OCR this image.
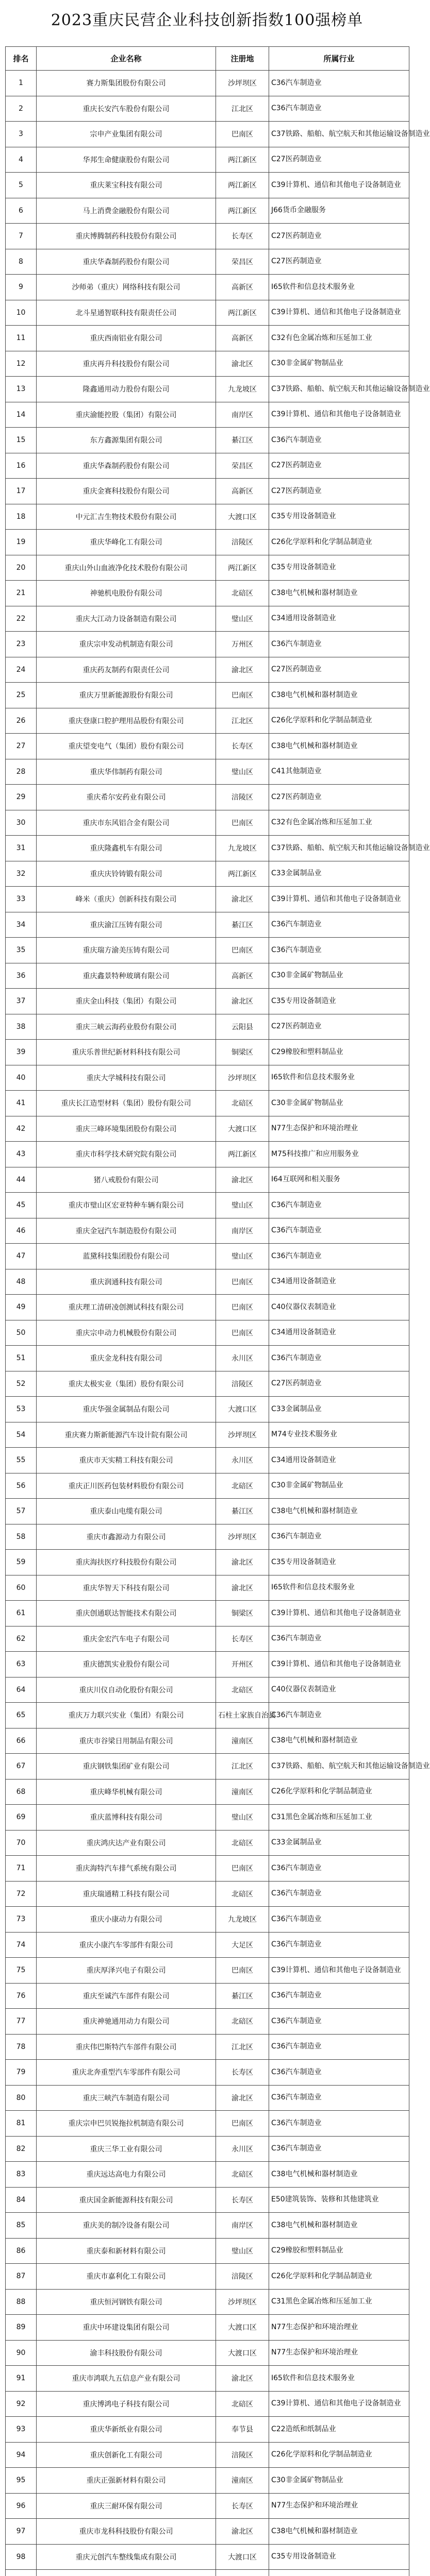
2023重庆民营企业科技创新指数100强榜单
排名	企业名称	注册地	所属行业
1	赛力斯集团股份有限公司	沙坪坝区	C36汽车制造业
2	重庆长安汽车股份有限公司	江北区	C36汽车制造业
3	宗申产业集团有限公司	巴南区	C37铁路、船舶、航空航天和其他运输设备制造业
4	华邦生命健康股份有限公司	两江新区	C27医药制造业
5	重庆莱宝科技有限公司	两江新区	C39计算机、通信和其他电子设备制造业
6	马上消费金融股份有限公司	两江新区	J66货币金融服务
7	重庆博腾制药科技股份有限公司	长寿区	C27医药制造业
8	重庆华森制药股份有限公司	荣昌区	C27医药制造业
9	沙师弟（重庆）网络科技有限公司	高新区	I65软件和信息技术服务业
10	北斗星通智联科技有限责任公司	两江新区	C39计算机、通信和其他电子设备制造业
11	重庆西南铝业有限公司	高新区	C32有色金属冶炼和压延加工业
12	重庆再升科技股份有限公司	渝北区	C30非金属矿物制品业
13	隆鑫通用动力股份有限公司	九龙坡区	C37铁路、船舶、航空航天和其他运输设备制造业
14	重庆渝能控股（集团）有限公司	南岸区	C39计算机、通信和其他电子设备制造业
15	东方鑫源集团有限公司	綦江区	C36汽车制造业
16	重庆华森制药股份有限公司	荣昌区	C27医药制造业
17	重庆金赛科技股份有限公司	高新区	C27医药制造业
18	中元汇吉生物技术股份有限公司	大渡口区	C35专用设备制造业
19	重庆华峰化工有限公司	涪陵区	C26化学原料和化学制品制造业
20	重庆山外山血液净化技术股份有限公司	两江新区	C35专用设备制造业
21	神驰机电股份有限公司	北碚区	C38电气机械和器材制造业
22	重庆大江动力设备制造有限公司	璧山区	C34通用设备制造业
23	重庆宗申发动机制造有限公司	万州区	C36汽车制造业
24	重庆药友制药有限责任公司	渝北区	C27医药制造业
25	重庆万里新能源股份有限公司	巴南区	C38电气机械和器材制造业
26	重庆登康口腔护理用品股份有限公司	江北区	C26化学原料和化学制品制造业
27	重庆望变电气（集团）股份有限公司	长寿区	C38电气机械和器材制造业
28	重庆华伟制药有限公司	璧山区	C41其他制造业
29	重庆希尔安药业有限公司	涪陵区	C27医药制造业
30	重庆市东风铝合金有限公司	巴南区	C32有色金属冶炼和压延加工业
31	重庆隆鑫机车有限公司	九龙坡区	C37铁路、船舶、航空航天和其他运输设备制造业
32	重庆庆铃铸锻有限公司	两江新区	C33金属制品业
33	峰米（重庆）创新科技有限公司	渝北区	C39计算机、通信和其他电子设备制造业
34	重庆渝江压铸有限公司	綦江区	C36汽车制造业
35	重庆瑞方渝美压铸有限公司	巴南区	C36汽车制造业
36	重庆鑫景特种玻璃有限公司	高新区	C30非金属矿物制品业
37	重庆金山科技（集团）有限公司	渝北区	C35专用设备制造业
38	重庆三峡云海药业股份有限公司	云阳县	C27医药制造业
39	重庆乐普世纪新材料科技有限公司	铜梁区	C29橡胶和塑料制品业
40	重庆大学城科技有限公司	沙坪坝区	I65软件和信息技术服务业
41	重庆长江造型材料（集团）股份有限公司	北碚区	C30非金属矿物制品业
42	重庆三峰环境集团股份有限公司	大渡口区	N77生态保护和环境治理业
43	重庆市科学技术研究院有限公司	两江新区	M75科技推广和应用服务业
44	猪八戒股份有限公司	渝北区	I64互联网和相关服务
45	重庆市璧山区宏亚特种车辆有限公司	璧山区	C36汽车制造业
46	重庆金冠汽车制造股份有限公司	南岸区	C36汽车制造业
47	蓝黛科技集团股份有限公司	璧山区	C36汽车制造业
48	重庆润通科技有限公司	巴南区	C34通用设备制造业
49	重庆理工清研凌创测试科技有限公司	巴南区	C40仪器仪表制造业
50	重庆宗申动力机械股份有限公司	巴南区	C34通用设备制造业
51	重庆金龙科技有限公司	永川区	C36汽车制造业
52	重庆太极实业（集团）股份有限公司	涪陵区	C27医药制造业
53	重庆华强金属制品有限公司	大渡口区	C33金属制品业
54	重庆赛力斯新能源汽车设计院有限公司	沙坪坝区	M74专业技术服务业
55	重庆市天实精工科技有限公司	永川区	C34通用设备制造业
56	重庆正川医药包装材料股份有限公司	北碚区	C30非金属矿物制品业
57	重庆泰山电缆有限公司	綦江区	C38电气机械和器材制造业
58	重庆市鑫源动力有限公司	沙坪坝区	C36汽车制造业
59	重庆海扶医疗科技股份有限公司	渝北区	C35专用设备制造业
60	重庆华智天下科技有限公司	渝北区	I65软件和信息技术服务业
61	重庆创通联达智能技术有限公司	铜梁区	C39计算机、通信和其他电子设备制造业
62	重庆金宏汽车电子有限公司	长寿区	C36汽车制造业
63	重庆德凯实业股份有限公司	开州区	C39计算机、通信和其他电子设备制造业
64	重庆川仪自动化股份有限公司	北碚区	C40仪器仪表制造业
65	重庆万力联兴实业（集团）有限公司	石柱土家族自治县	C36汽车制造业
66	重庆市谷梁日用制品有限公司	潼南区	C38电气机械和器材制造业
67	重庆钢铁集团矿业有限公司	江北区	C37铁路、船舶、航空航天和其他运输设备制造业
68	重庆峰华机械有限公司	潼南区	C26化学原料和化学制品制造业
69	重庆蓝博科技有限公司	璧山区	C31黑色金属冶炼和压延加工业
70	重庆鸿庆达产业有限公司	北碚区	C33金属制品业
71	重庆海特汽车排气系统有限公司	巴南区	C36汽车制造业
72	重庆瑞通精工科技有限公司	北碚区	C36汽车制造业
73	重庆小康动力有限公司	九龙坡区	C36汽车制造业
74	重庆小康汽车零部件有限公司	大足区	C36汽车制造业
75	重庆厚泽兴电子有限公司	巴南区	C39计算机、通信和其他电子设备制造业
76	重庆至诚汽车部件有限公司	綦江区	C36汽车制造业
77	重庆神驰通用动力有限公司	北碚区	C36汽车制造业
78	重庆伟巴斯特汽车部件有限公司	江北区	C36汽车制造业
79	重庆北奔重型汽车零部件有限公司	长寿区	C36汽车制造业
80	重庆三峡汽车制造有限公司	渝北区	C36汽车制造业
81	重庆宗申巴贝锐拖拉机制造有限公司	巴南区	C36汽车制造业
82	重庆三华工业有限公司	永川区	C36汽车制造业
83	重庆远达高电力有限公司	北碚区	C38电气机械和器材制造业
84	重庆国金新能源科技有限公司	长寿区	E50建筑装饰、装修和其他建筑业
85	重庆美的制冷设备有限公司	南岸区	C38电气机械和器材制造业
86	重庆泰和新材料有限公司	璧山区	C29橡胶和塑料制品业
87	重庆市嘉利化工有限公司	涪陵区	C26化学原料和化学制品制造业
88	重庆恒河钢铁有限公司	沙坪坝区	C31黑色金属冶炼和压延加工业
89	重庆中环建设集团有限公司	大渡口区	N77生态保护和环境治理业
90	渝丰科技股份有限公司	大渡口区	N77生态保护和环境治理业
91	重庆市鸿联九五信息产业有限公司	渝北区	I65软件和信息技术服务业
92	重庆博鸿电子科技有限公司	北碚区	C39计算机、通信和其他电子设备制造业
93	重庆华新纸业有限公司	奉节县	C22造纸和纸制品业
94	重庆创新化工有限公司	涪陵区	C26化学原料和化学制品制造业
95	重庆正强新材料有限公司	潼南区	C30非金属矿物制品业
96	重庆三耐环保有限公司	长寿区	N77生态保护和环境治理业
97	重庆市龙科科技股份有限公司	渝北区	C38电气机械和器材制造业
98	重庆元创汽车整线集成有限公司	大渡口区	C35专用设备制造业
